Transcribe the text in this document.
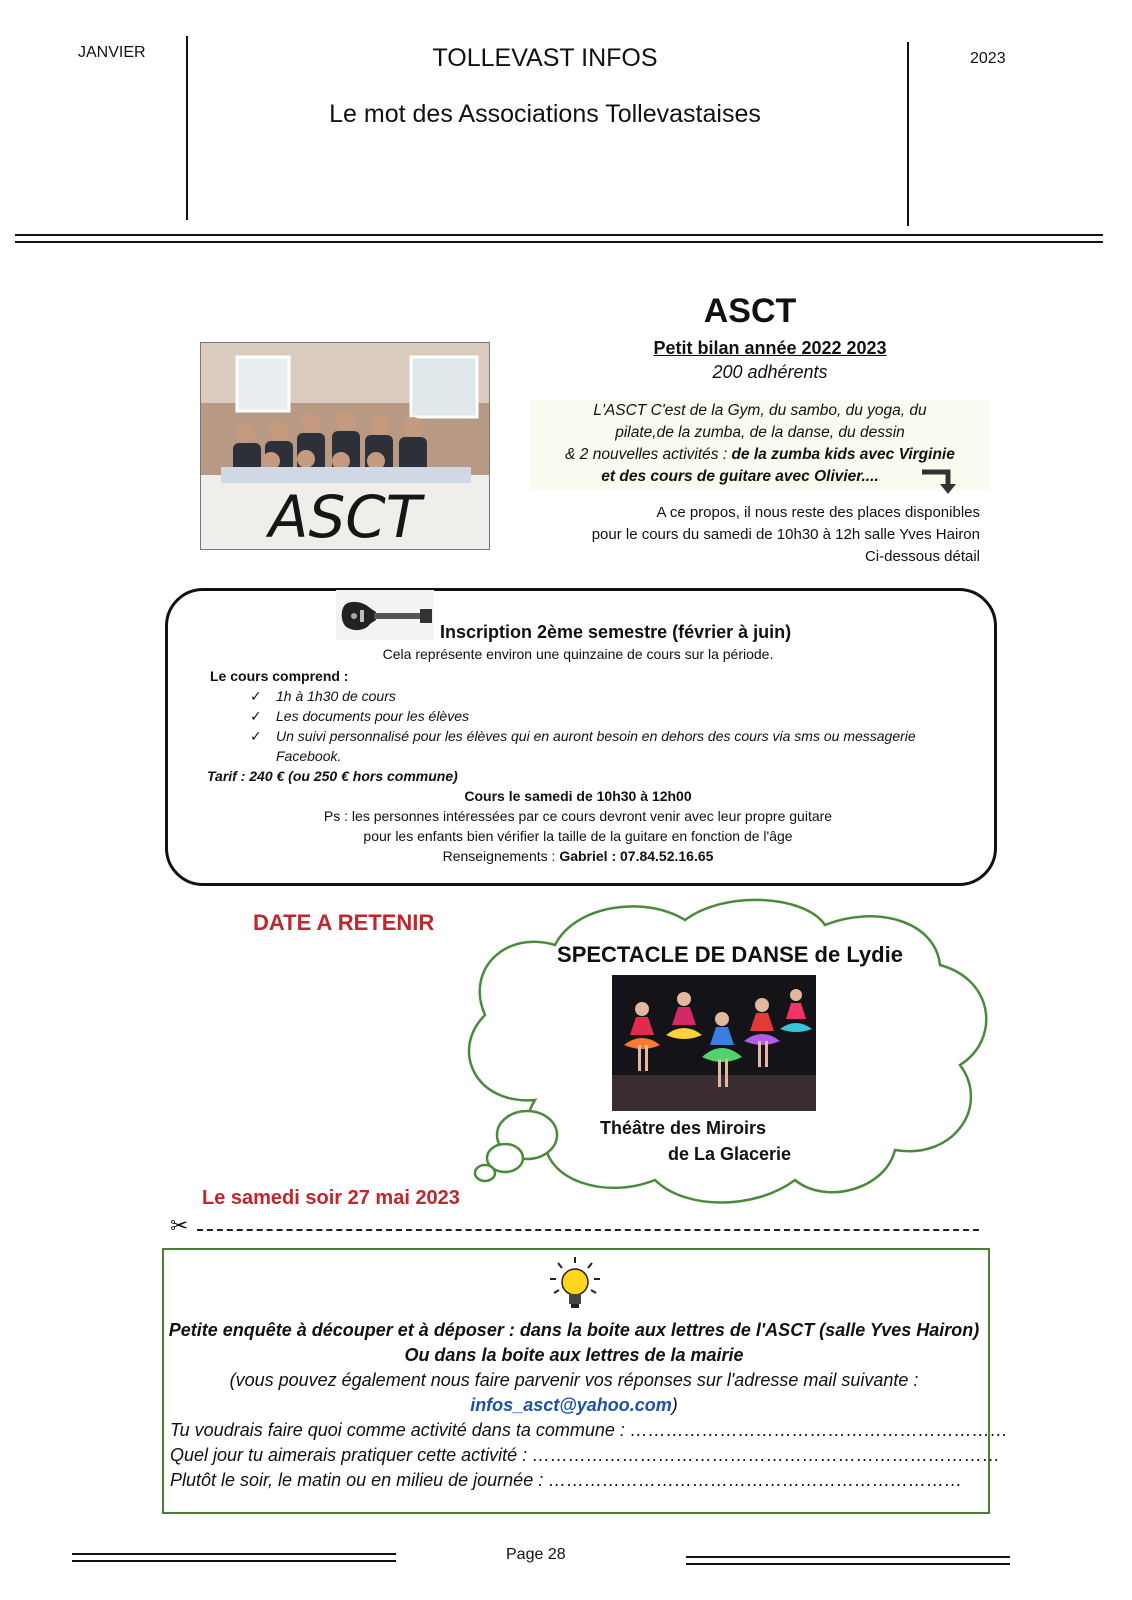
JANVIER	TOLLEVAST INFOS
Le mot des Associations Tollevastaises
2023
ASCT
ASCT
Petit bilan année 2022 2023
200 adhérents
L'ASCT C'est de la Gym, du sambo, du yoga, du
pilate,de la zumba, de la danse, du dessin
& 2 nouvelles activités : de la zumba kids avec Virginie
et des cours de guitare avec Olivier....
A ce propos, il nous reste des places disponibles
pour le cours du samedi de 10h30 à 12h salle Yves Hairon
Ci-dessous détail
Inscription 2ème semestre (février à juin)
Cela représente environ une quinzaine de cours sur la période.
Le cours comprend :
✓ 1h à 1h30 de cours
✓ Les documents pour les élèves
✓ Un suivi personnalisé pour les élèves qui en auront besoin en dehors des cours via sms ou messagerie
Facebook.
Tarif : 240 € (ou 250 € hors commune)
Cours le samedi de 10h30 à 12h00
Ps : les personnes intéressées par ce cours devront venir avec leur propre guitare
pour les enfants bien vérifier la taille de la guitare en fonction de l'âge
Renseignements : Gabriel : 07.84.52.16.65
DATE A RETENIR
SPECTACLE DE DANSE de Lydie
Théâtre des Miroirs
de La Glacerie
Le samedi soir 27 mai 2023
✂
Petite enquête à découper et à déposer : dans la boite aux lettres de l'ASCT (salle Yves Hairon)
Ou dans la boite aux lettres de la mairie
(vous pouvez également nous faire parvenir vos réponses sur l'adresse mail suivante :
infos_asct@yahoo.com)
Tu voudrais faire quoi comme activité dans ta commune : ………………………………………………………
Quel jour tu aimerais pratiquer cette activité : ……………………………………………………………………
Plutôt le soir, le matin ou en milieu de journée : ……………………………………………………………
Page 28
